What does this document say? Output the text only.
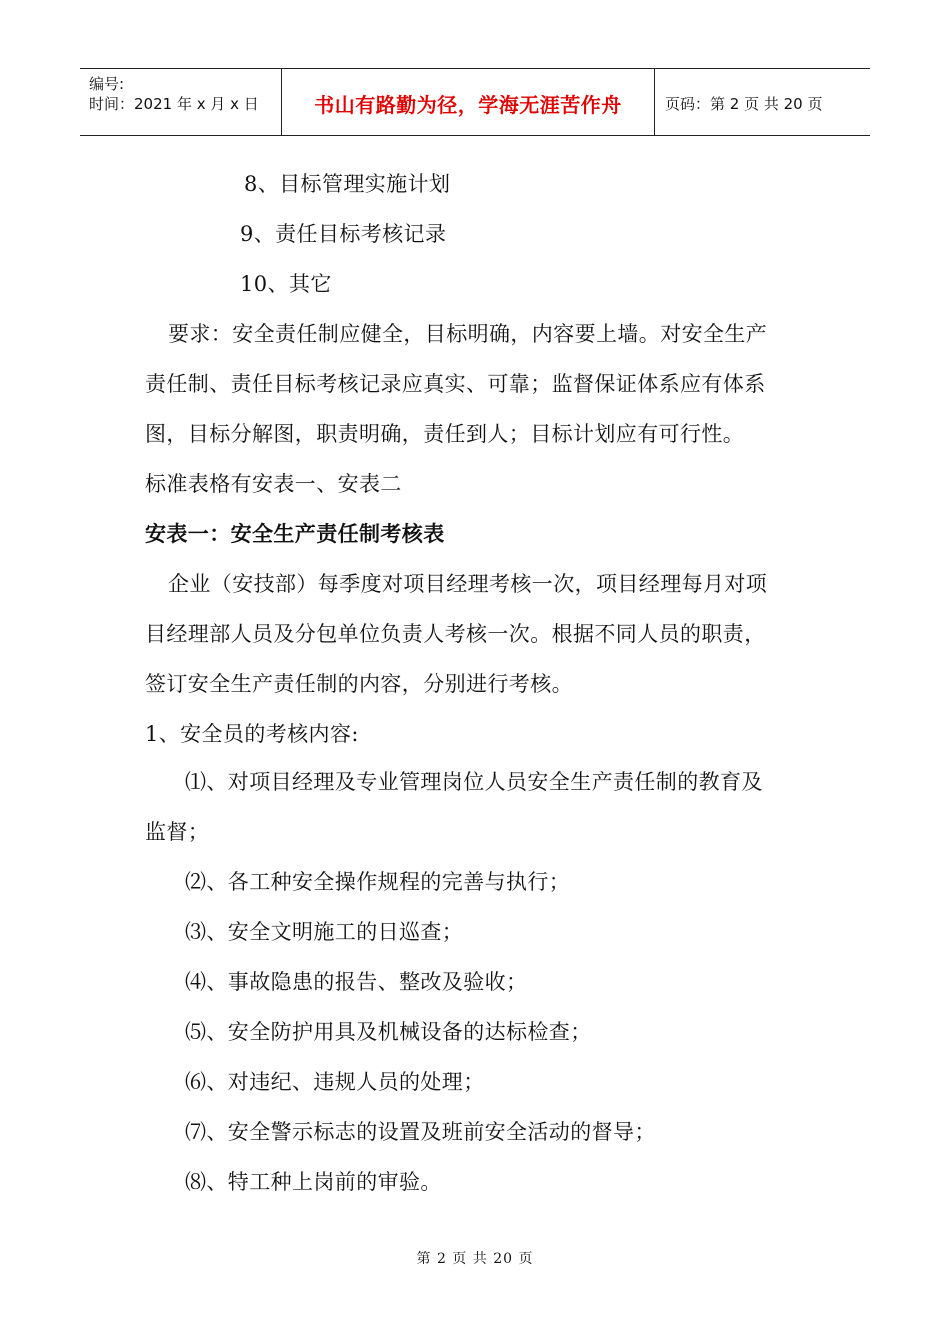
编号:
时间：2021 年 x 月 x 日	书山有路勤为径，学海无涯苦作舟	页码：第 2 页 共 20 页
8、目标管理实施计划
9、责任目标考核记录
10、其它
要求：安全责任制应健全，目标明确，内容要上墙。对安全生产
责任制、责任目标考核记录应真实、可靠；监督保证体系应有体系
图，目标分解图，职责明确，责任到人；目标计划应有可行性。
标准表格有安表一、安表二
安表一：安全生产责任制考核表
企业（安技部）每季度对项目经理考核一次，项目经理每月对项
目经理部人员及分包单位负责人考核一次。根据不同人员的职责，
签订安全生产责任制的内容，分别进行考核。
1、安全员的考核内容:
⑴、对项目经理及专业管理岗位人员安全生产责任制的教育及
监督；
⑵、各工种安全操作规程的完善与执行；
⑶、安全文明施工的日巡查；
⑷、事故隐患的报告、整改及验收；
⑸、安全防护用具及机械设备的达标检查；
⑹、对违纪、违规人员的处理；
⑺、安全警示标志的设置及班前安全活动的督导；
⑻、特工种上岗前的审验。
第 2 页 共 20 页
